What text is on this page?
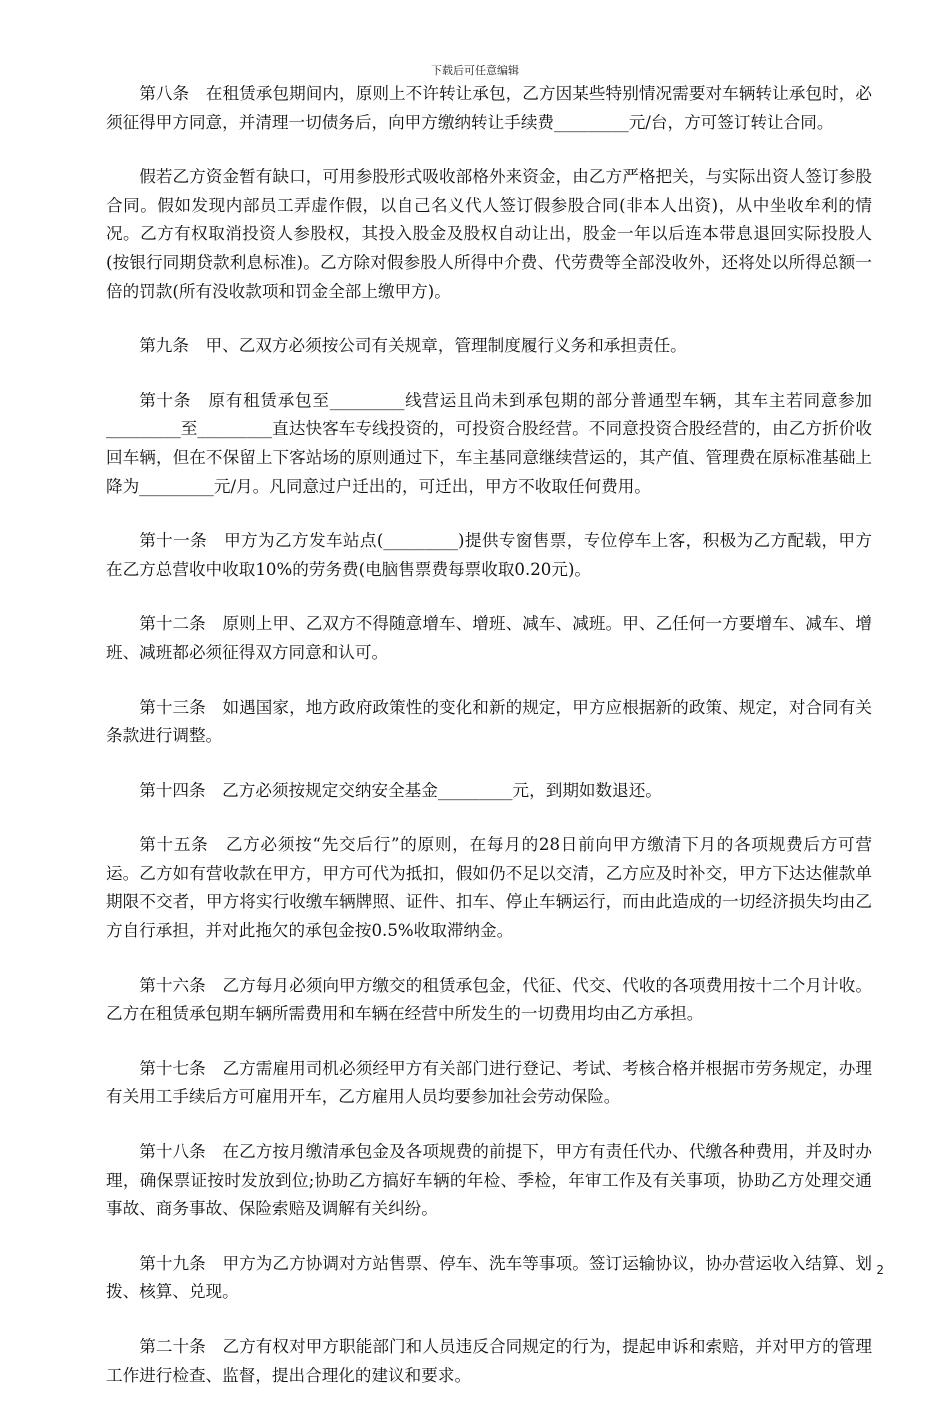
下载后可任意编辑

第八条　在租赁承包期间内，原则上不许转让承包，乙方因某些特别情况需要对车辆转让承包时，必须征得甲方同意，并清理一切债务后，向甲方缴纳转让手续费_________元/台，方可签订转让合同。

假若乙方资金暂有缺口，可用参股形式吸收部格外来资金，由乙方严格把关，与实际出资人签订参股合同。假如发现内部员工弄虚作假，以自己名义代人签订假参股合同(非本人出资)，从中坐收牟利的情况。乙方有权取消投资人参股权，其投入股金及股权自动让出，股金一年以后连本带息退回实际投股人(按银行同期贷款利息标准)。乙方除对假参股人所得中介费、代劳费等全部没收外，还将处以所得总额一倍的罚款(所有没收款项和罚金全部上缴甲方)。

第九条　甲、乙双方必须按公司有关规章，管理制度履行义务和承担责任。

第十条　原有租赁承包至_________线营运且尚未到承包期的部分普通型车辆，其车主若同意参加_________至_________直达快客车专线投资的，可投资合股经营。不同意投资合股经营的，由乙方折价收回车辆，但在不保留上下客站场的原则通过下，车主基同意继续营运的，其产值、管理费在原标准基础上降为_________元/月。凡同意过户迁出的，可迁出，甲方不收取任何费用。

第十一条　甲方为乙方发车站点(_________)提供专窗售票，专位停车上客，积极为乙方配载，甲方在乙方总营收中收取10%的劳务费(电脑售票费每票收取0.20元)。

第十二条　原则上甲、乙双方不得随意增车、增班、减车、减班。甲、乙任何一方要增车、减车、增班、减班都必须征得双方同意和认可。

第十三条　如遇国家，地方政府政策性的变化和新的规定，甲方应根据新的政策、规定，对合同有关条款进行调整。

第十四条　乙方必须按规定交纳安全基金_________元，到期如数退还。

第十五条　乙方必须按“先交后行”的原则，在每月的28日前向甲方缴清下月的各项规费后方可营运。乙方如有营收款在甲方，甲方可代为抵扣，假如仍不足以交清，乙方应及时补交，甲方下达达催款单期限不交者，甲方将实行收缴车辆牌照、证件、扣车、停止车辆运行，而由此造成的一切经济损失均由乙方自行承担，并对此拖欠的承包金按0.5%收取滞纳金。

第十六条　乙方每月必须向甲方缴交的租赁承包金，代征、代交、代收的各项费用按十二个月计收。乙方在租赁承包期车辆所需费用和车辆在经营中所发生的一切费用均由乙方承担。

第十七条　乙方需雇用司机必须经甲方有关部门进行登记、考试、考核合格并根据市劳务规定，办理有关用工手续后方可雇用开车，乙方雇用人员均要参加社会劳动保险。

第十八条　在乙方按月缴清承包金及各项规费的前提下，甲方有责任代办、代缴各种费用，并及时办理，确保票证按时发放到位;协助乙方搞好车辆的年检、季检，年审工作及有关事项，协助乙方处理交通事故、商务事故、保险索赔及调解有关纠纷。

第十九条　甲方为乙方协调对方站售票、停车、洗车等事项。签订运输协议，协办营运收入结算、划拨、核算、兑现。

第二十条　乙方有权对甲方职能部门和人员违反合同规定的行为，提起申诉和索赔，并对甲方的管理工作进行检查、监督，提出合理化的建议和要求。

2
